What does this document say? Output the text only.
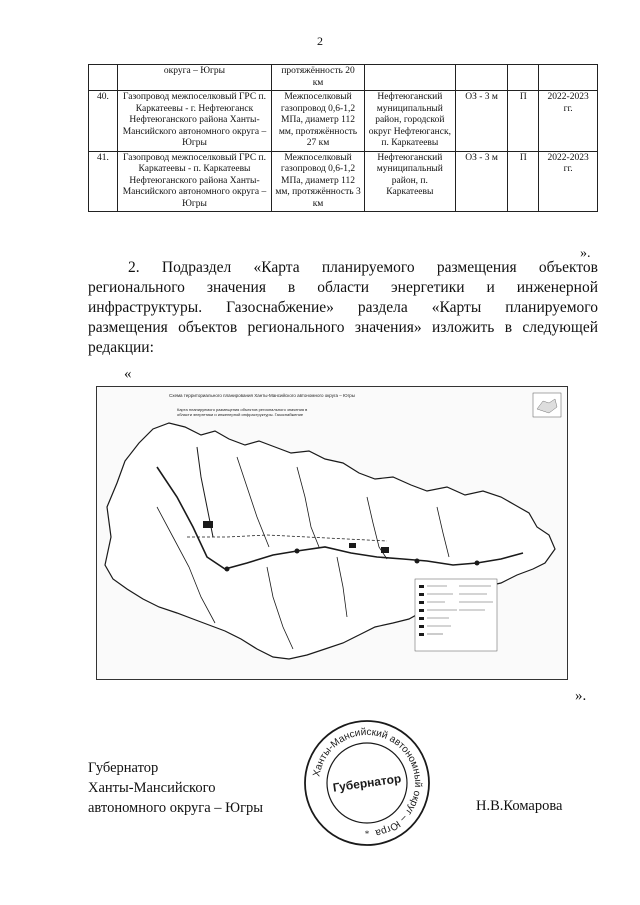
2
	округа – Югры	протяжённость 20 км				
40.	Газопровод межпоселковый ГРС п. Каркатеевы - г. Нефтеюганск Нефтеюганского района Ханты-Мансийского автономного округа – Югры	Межпоселковый газопровод 0,6-1,2 МПа, диаметр 112 мм, протяжённость 27 км	Нефтеюганский муниципальный район, городской округ Нефтеюганск, п. Каркатеевы	ОЗ - 3 м	П	2022-2023 гг.
41.	Газопровод межпоселковый ГРС п. Каркатеевы - п. Каркатеевы Нефтеюганского района Ханты-Мансийского автономного округа – Югры	Межпоселковый газопровод 0,6-1,2 МПа, диаметр 112 мм, протяжённость 3 км	Нефтеюганский муниципальный район, п. Каркатеевы	ОЗ - 3 м	П	2022-2023 гг.
».
2. Подраздел «Карта планируемого размещения объектов регионального значения в области энергетики и инженерной инфраструктуры. Газоснабжение» раздела «Карты планируемого размещения объектов регионального значения» изложить в следующей редакции:
«
Схема территориального планирования Ханты-Мансийского автономного округа – Югры
Карта планируемого размещения объектов регионального значения в области энергетики и инженерной инфраструктуры. Газоснабжение
».
Губернатор
Ханты-Мансийского
автономного округа – Югры
Ханты-Мансийский автономный округ – Югра
Губернатор
*
Н.В.Комарова
